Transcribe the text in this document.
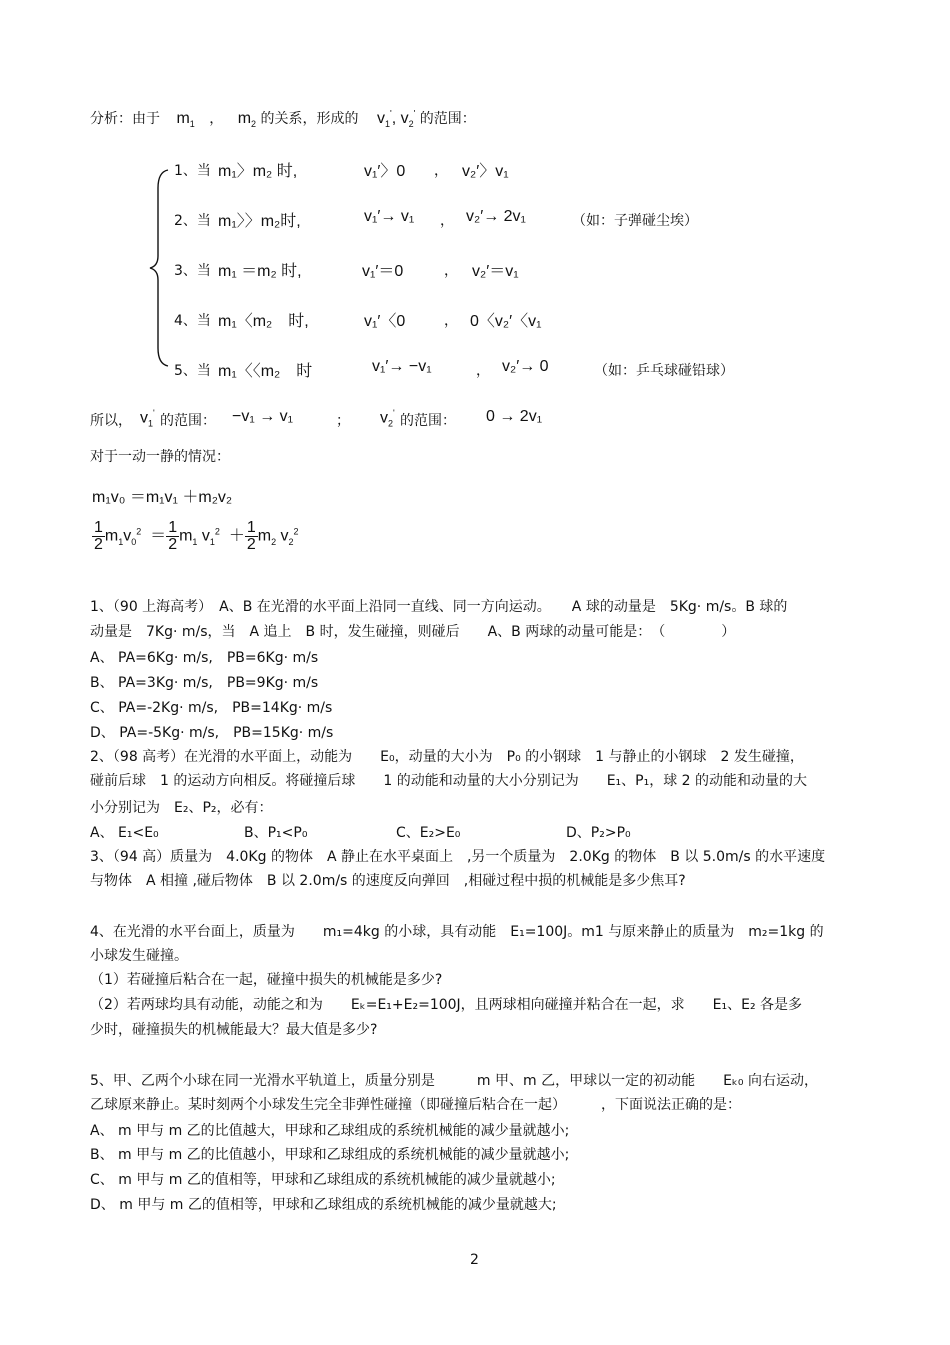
分析：由于 $m_1$ ， $m_2$ 的关系，形成的 $v_1'$, $v_2'$ 的范围：
1、当 m₁〉m₂ 时,	v₁′〉0 ， v₂′〉v₁
2、当 m₁〉〉m₂时,	v₁′→ v₁ ， v₂′→ 2v₁	（如：子弹碰尘埃）
3、当 m₁ ＝m₂ 时,	v₁′＝0	， v₂′＝v₁
4、当 m₁〈m₂　时,	v₁′〈0	， 0〈v₂′〈v₁
5、当 m₁〈〈m₂　时	v₁′→ −v₁	， v₂′→ 0	（如：乒乓球碰铅球）
所以， $v_1'$ 的范围： −v₁ → v₁	； $v_2'$ 的范围： 0 → 2v₁
对于一动一静的情况：
m₁v₀ ＝m₁v₁ ＋m₂v₂
$\frac{1}{2} m_1v_0^2 = \frac{1}{2} m_1$ $v_1^2 + \frac{1}{2} m_2$ $v_2^2$
1、（90 上海高考）　A、B 在光滑的水平面上沿同一直线、同一方向运动。　　A 球的动量是　5Kg· m/s。B 球的
动量是　7Kg· m/s，当　A 追上　B 时，发生碰撞，则碰后　　A、B 两球的动量可能是：　（　　　　）
A、 PA=6Kg· m/s,　PB=6Kg· m/s
B、 PA=3Kg· m/s,　PB=9Kg· m/s
C、 PA=-2Kg· m/s,　PB=14Kg· m/s
D、 PA=-5Kg· m/s,　PB=15Kg· m/s
2、（98 高考）在光滑的水平面上，动能为　　E₀，动量的大小为　P₀ 的小钢球　1 与静止的小钢球　2 发生碰撞，
碰前后球　1 的运动方向相反。将碰撞后球　　1 的动能和动量的大小分别记为　　E₁、P₁，球 2 的动能和动量的大
小分别记为　E₂、P₂，必有：
A、 E₁<E₀	B、P₁<P₀	C、E₂>E₀	D、P₂>P₀
3、（94 高）质量为　4.0Kg 的物体　A 静止在水平桌面上　,另一个质量为　2.0Kg 的物体　B 以 5.0m/s 的水平速度
与物体　A 相撞 ,碰后物体　B 以 2.0m/s 的速度反向弹回　,相碰过程中损的机械能是多少焦耳?
4、在光滑的水平台面上，质量为　　m₁=4kg 的小球，具有动能　E₁=100J。m1 与原来静止的质量为　m₂=1kg 的
小球发生碰撞。
（1）若碰撞后粘合在一起，碰撞中损失的机械能是多少?
（2）若两球均具有动能，动能之和为　　Eₖ=E₁+E₂=100J，且两球相向碰撞并粘合在一起，求　　E₁、E₂ 各是多
少时，碰撞损失的机械能最大？最大值是多少?
5、甲、乙两个小球在同一光滑水平轨道上，质量分别是　　　m 甲、m 乙，甲球以一定的初动能　　Eₖ₀ 向右运动，
乙球原来静止。某时刻两个小球发生完全非弹性碰撞（即碰撞后粘合在一起）　　　，下面说法正确的是：
A、 m 甲与 m 乙的比值越大，甲球和乙球组成的系统机械能的减少量就越小;
B、 m 甲与 m 乙的比值越小，甲球和乙球组成的系统机械能的减少量就越小;
C、 m 甲与 m 乙的值相等，甲球和乙球组成的系统机械能的减少量就越小;
D、 m 甲与 m 乙的值相等，甲球和乙球组成的系统机械能的减少量就越大;
2
